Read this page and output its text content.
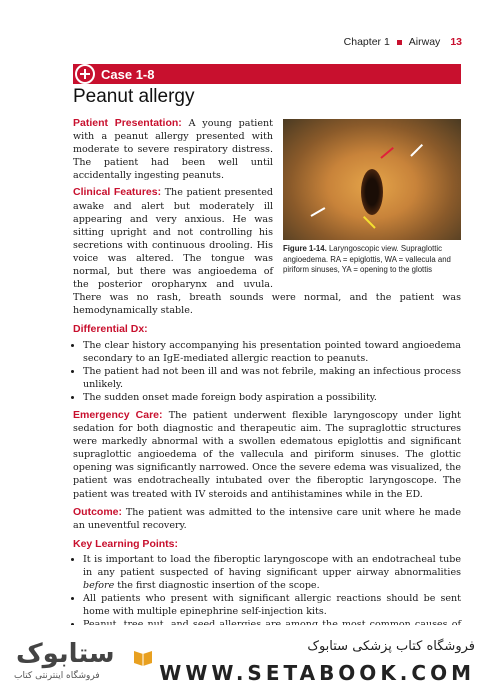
Chapter 1 Airway 13
Case 1-8
Peanut allergy
Figure 1-14. Laryngoscopic view. Supraglottic angioedema. RA = epiglottis, WA = vallecula and piriform sinuses, YA = opening to the glottis

Patient Presentation: A young patient with a peanut allergy presented with moderate to severe respiratory distress. The patient had been well until accidentally ingesting peanuts.

Clinical Features: The patient presented awake and alert but moderately ill appearing and very anxious. He was sitting upright and not controlling his secretions with continuous drooling. His voice was altered. The tongue was normal, but there was angioedema of the posterior oropharynx and uvula. There was no rash, breath sounds were normal, and the patient was hemodynamically stable.

Differential Dx:
• The clear history accompanying his presentation pointed toward angioedema secondary to an IgE-mediated allergic reaction to peanuts.
• The patient had not been ill and was not febrile, making an infectious process unlikely.
• The sudden onset made foreign body aspiration a possibility.

Emergency Care: The patient underwent flexible laryngoscopy under light sedation for both diagnostic and therapeutic aim. The supraglottic structures were markedly abnormal with a swollen edematous epiglottis and significant supraglottic angioedema of the vallecula and piriform sinuses. The glottic opening was significantly narrowed. Once the severe edema was visualized, the patient was endotracheally intubated over the fiberoptic laryngoscope. The patient was treated with IV steroids and antihistamines while in the ED.

Outcome: The patient was admitted to the intensive care unit where he made an uneventful recovery.

Key Learning Points:
• It is important to load the fiberoptic laryngoscope with an endotracheal tube in any patient suspected of having significant upper airway abnormalities before the first diagnostic insertion of the scope.
• All patients who present with significant allergic reactions should be sent home with multiple epinephrine self-injection kits.
•
ستابوک
فروشگاه اینترنتی کتاب
فروشگاه کتاب پزشکی ستابوک
WWW.SETABOOK.COM
